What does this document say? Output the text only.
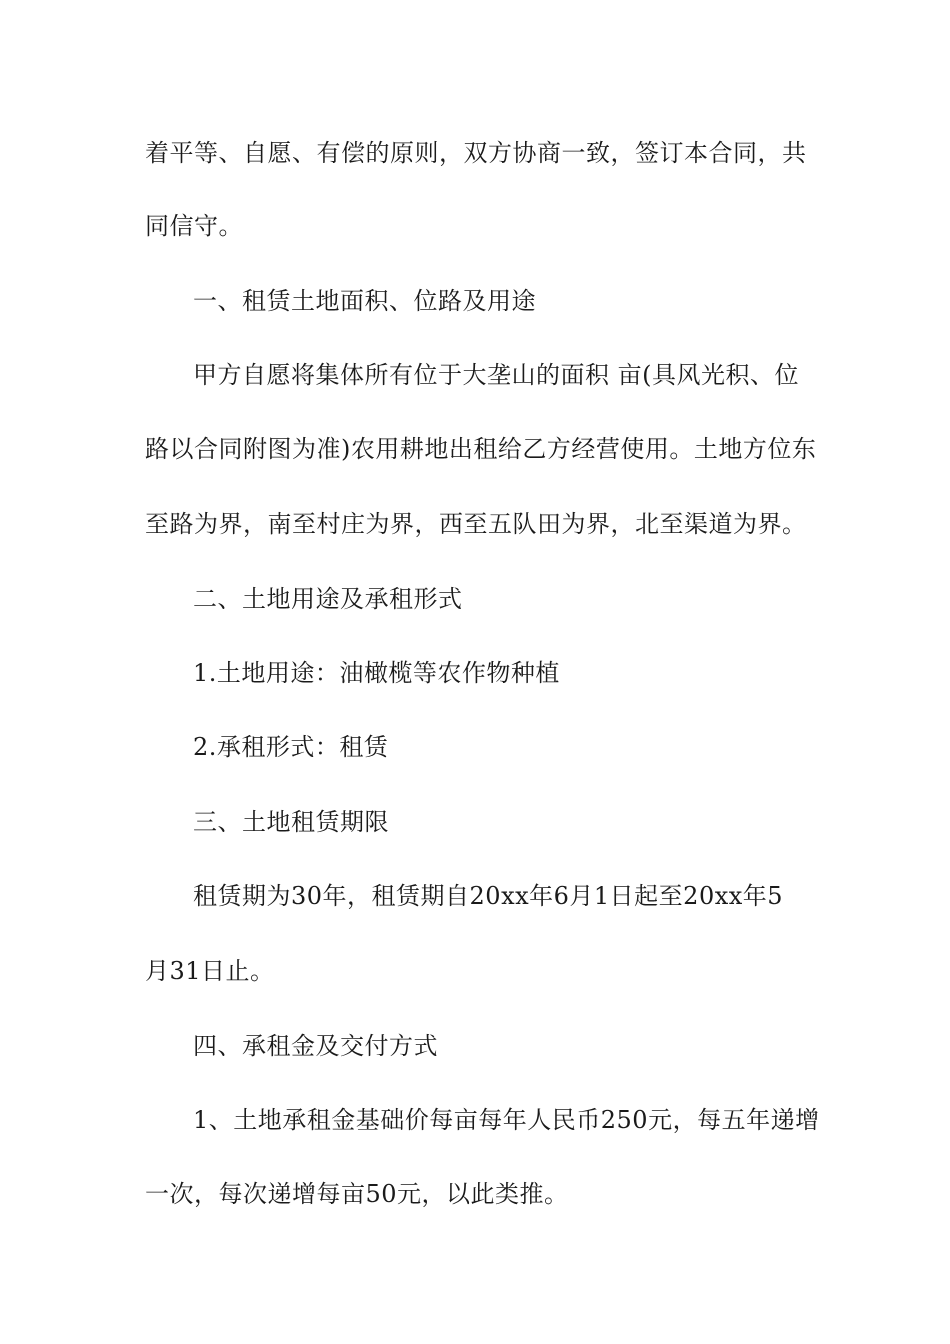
着平等、自愿、有偿的原则，双方协商一致，签订本合同，共
同信守。
一、租赁土地面积、位路及用途
甲方自愿将集体所有位于大垄山的面积 亩(具风光积、位
路以合同附图为准)农用耕地出租给乙方经营使用。土地方位东
至路为界，南至村庄为界，西至五队田为界，北至渠道为界。
二、土地用途及承租形式
1.土地用途：油橄榄等农作物种植
2.承租形式：租赁
三、土地租赁期限
租赁期为30年，租赁期自20xx年6月1日起至20xx年5
月31日止。
四、承租金及交付方式
1、土地承租金基础价每亩每年人民币250元，每五年递增
一次，每次递增每亩50元，以此类推。
